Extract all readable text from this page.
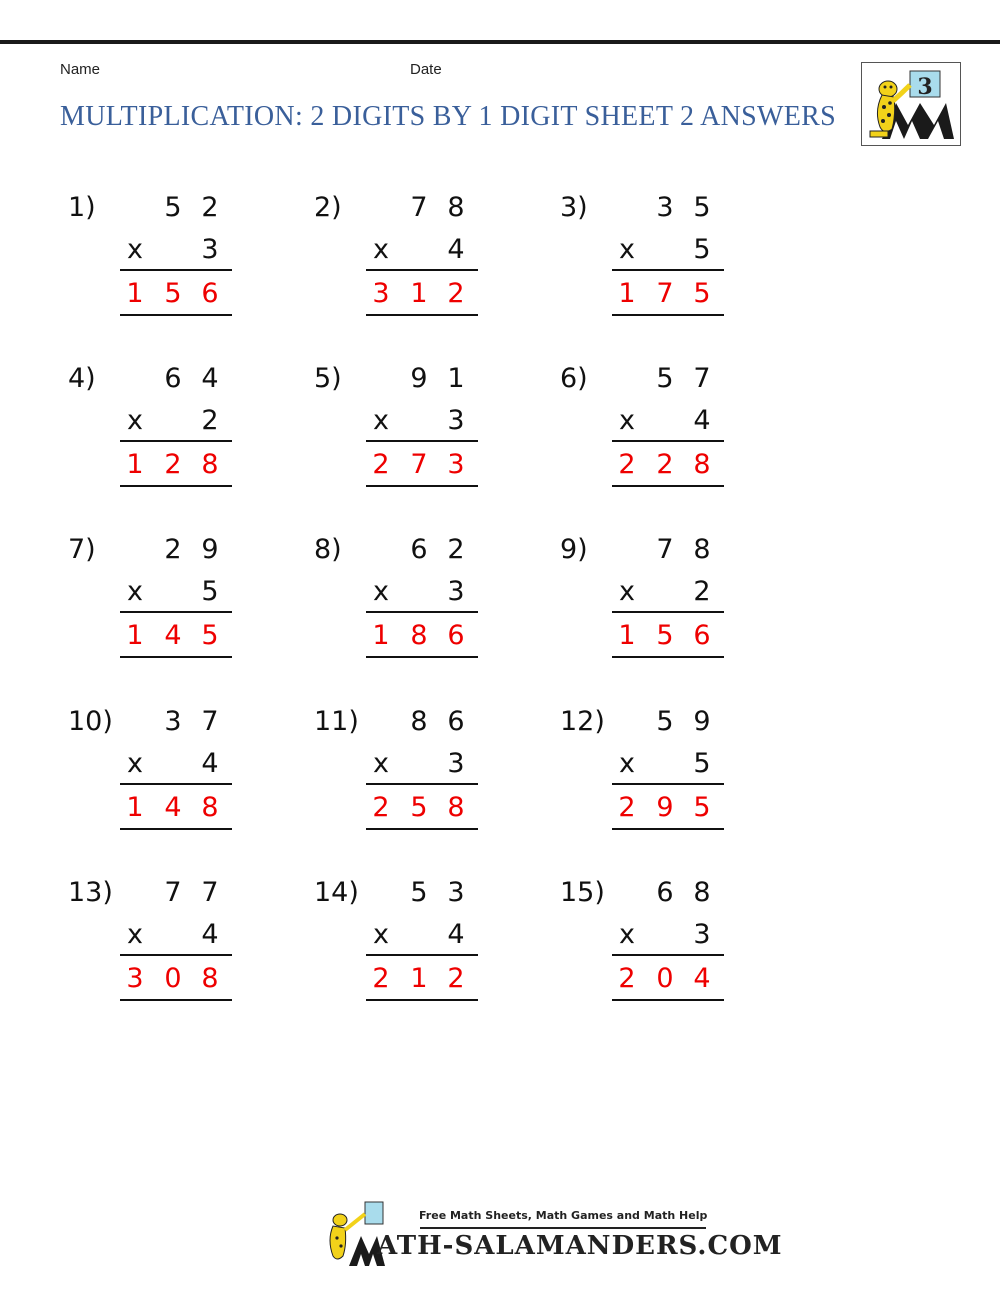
Name	Date
MULTIPLICATION: 2 DIGITS BY 1 DIGIT SHEET 2 ANSWERS
3
1)	5 2
x 3
1 5 6
2)	7 8
x 4
3 1 2
3)	3 5
x 5
1 7 5
4)	6 4
x 2
1 2 8
5)	9 1
x 3
2 7 3
6)	5 7
x 4
2 2 8
7)	2 9
x 5
1 4 5
8)	6 2
x 3
1 8 6
9)	7 8
x 2
1 5 6
10) 3 7
x 4
1 4 8
11) 8 6
x 3
2 5 8
12) 5 9
x 5
2 9 5
13) 7 7
x 4
3 0 8
14) 5 3
x 4
2 1 2
15) 6 8
x 3
2 0 4
Free Math Sheets, Math Games and Math Help
ATH-SALAMANDERS.COM
